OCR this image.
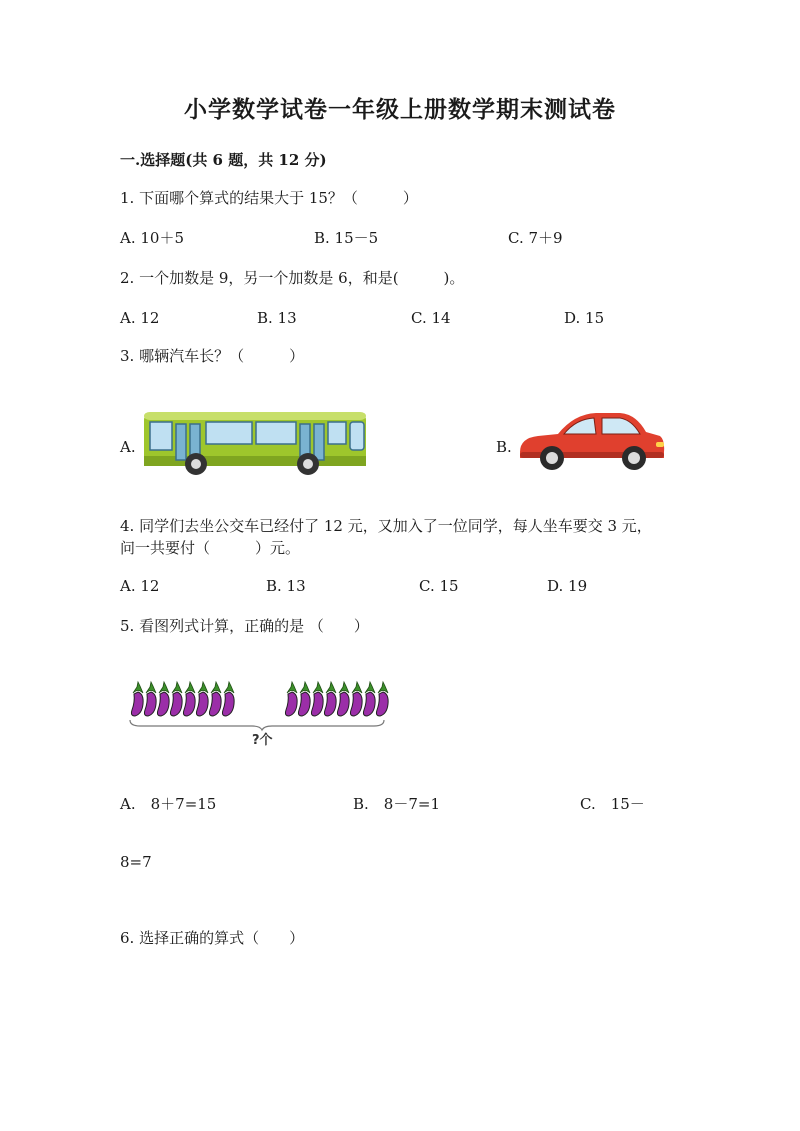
小学数学试卷一年级上册数学期末测试卷
一.选择题(共 6 题，共 12 分)
1. 下面哪个算式的结果大于 15？（　　　）
A. 10＋5	B. 15－5	C. 7＋9
2. 一个加数是 9，另一个加数是 6，和是(　　　)。
A. 12	B. 13	C. 14	D. 15
3. 哪辆汽车长？（　　　）
A.	B.
4. 同学们去坐公交车已经付了 12 元，又加入了一位同学，每人坐车要交 3 元，
问一共要付（　　　）元。
A. 12	B. 13	C. 15	D. 19
5. 看图列式计算，正确的是 （　　）
?个
A.　8＋7=15	B.　8－7=1	C.　15－
8=7
6. 选择正确的算式（　　）
